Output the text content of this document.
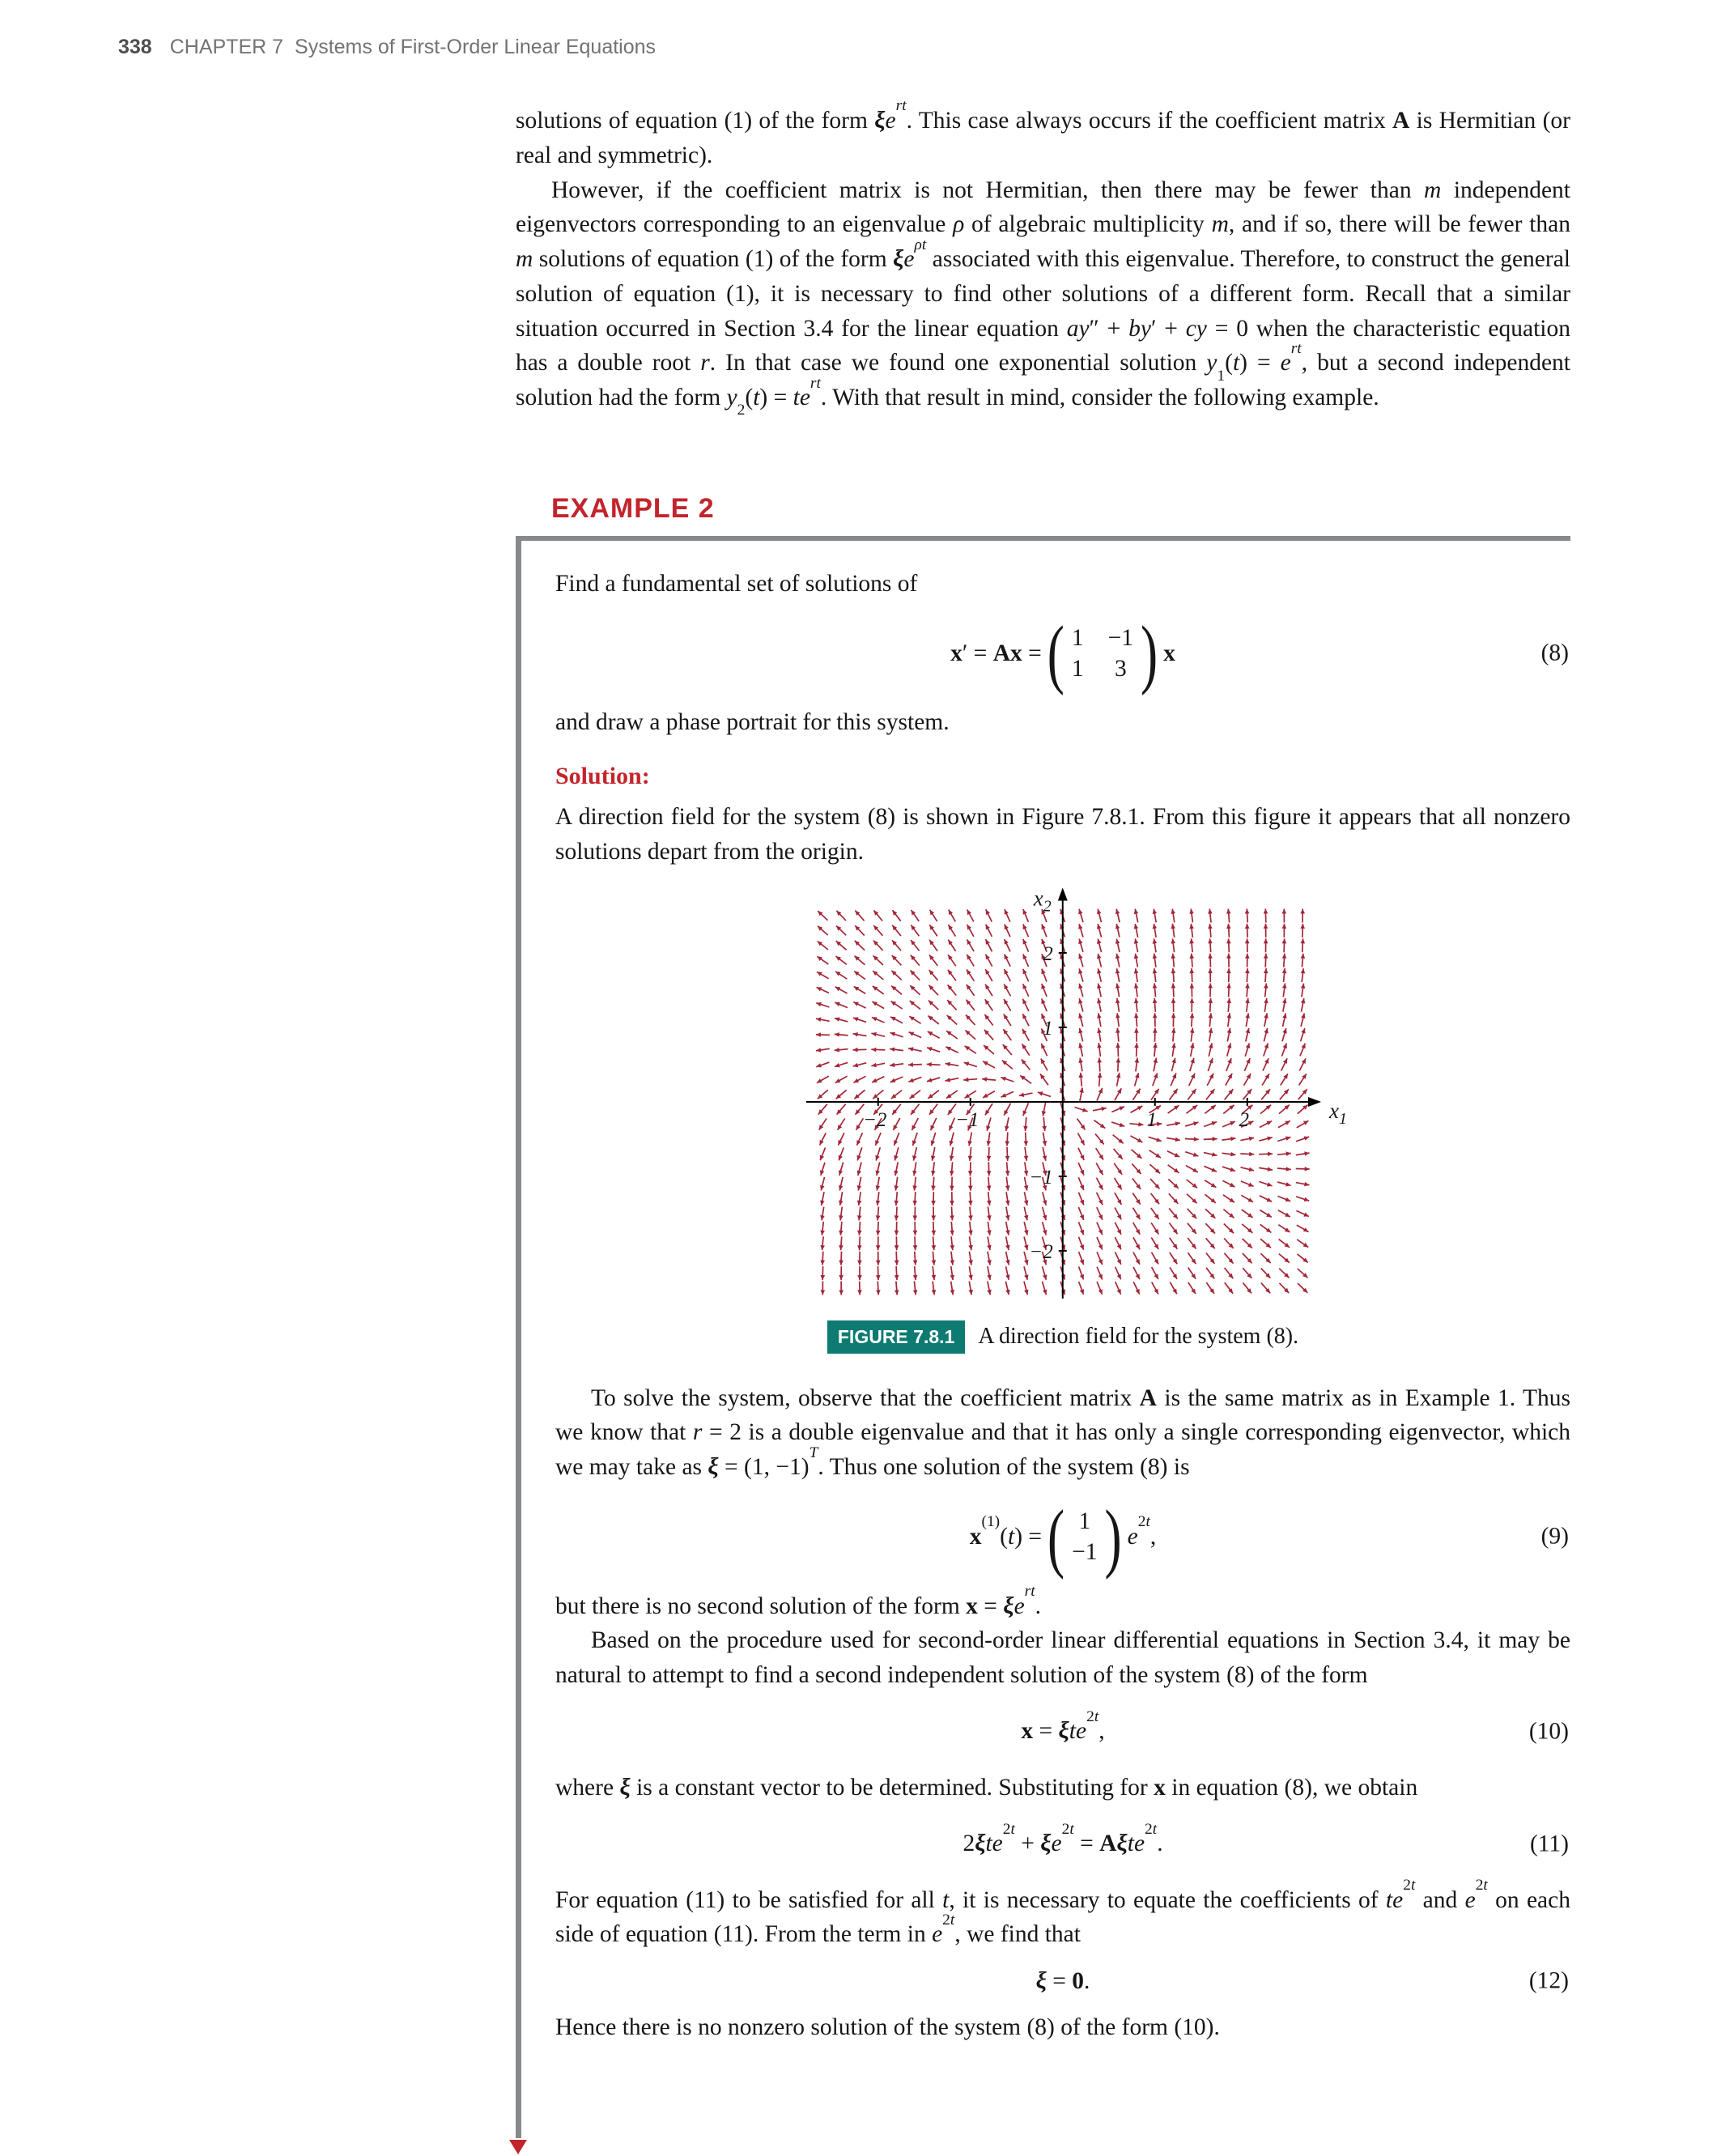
338 CHAPTER 7 Systems of First-Order Linear Equations

solutions of equation (1) of the form $\xi e^{rt}$. This case always occurs if the coefficient matrix A is Hermitian (or real and symmetric).

However, if the coefficient matrix is not Hermitian, then there may be fewer than m independent eigenvectors corresponding to an eigenvalue ρ of algebraic multiplicity m, and if so, there will be fewer than m solutions of equation (1) of the form $\xi e^{\rho t}$ associated with this eigenvalue. Therefore, to construct the general solution of equation (1), it is necessary to find other solutions of a different form. Recall that a similar situation occurred in Section 3.4 for the linear equation ay″ + by′ + cy = 0 when the characteristic equation has a double root r. In that case we found one exponential solution $y_1(t) = e^{rt}$, but a second independent solution had the form $y_2(t) = te^{rt}$. With that result in mind, consider the following example.

EXAMPLE 2

Find a fundamental set of solutions of

x′ = Ax = ( 1 −1
1 3 ) x	(8)

and draw a phase portrait for this system.

Solution:

A direction field for the system (8) is shown in Figure 7.8.1. From this figure it appears that all nonzero solutions depart from the origin.

−2
−2
−1
−1
1
1
2
2
$x_1$
$x_2$
FIGURE 7.8.1	A direction field for the system (8).

To solve the system, observe that the coefficient matrix A is the same matrix as in Example 1. Thus we know that r = 2 is a double eigenvalue and that it has only a single corresponding eigenvector, which we may take as ξ = (1, −1)$^T$. Thus one solution of the system (8) is

$x^{(1)}(t)$ = ( 1
−1 ) $e^{2t}$,	(9)

but there is no second solution of the form $x = \xi e^{rt}$.

Based on the procedure used for second-order linear differential equations in Section 3.4, it may be natural to attempt to find a second independent solution of the system (8) of the form

x = ξte$^{2t}$,	(10)

where ξ is a constant vector to be determined. Substituting for x in equation (8), we obtain

$2\xi te^{2t} + \xi e^{2t} = A\xi te^{2t}$.	(11)

For equation (11) to be satisfied for all t, it is necessary to equate the coefficients of $te^{2t}$ and $e^{2t}$ on each side of equation (11). From the term in $e^{2t}$, we find that

ξ = 0.	(12)

Hence there is no nonzero solution of the system (8) of the form (10).
